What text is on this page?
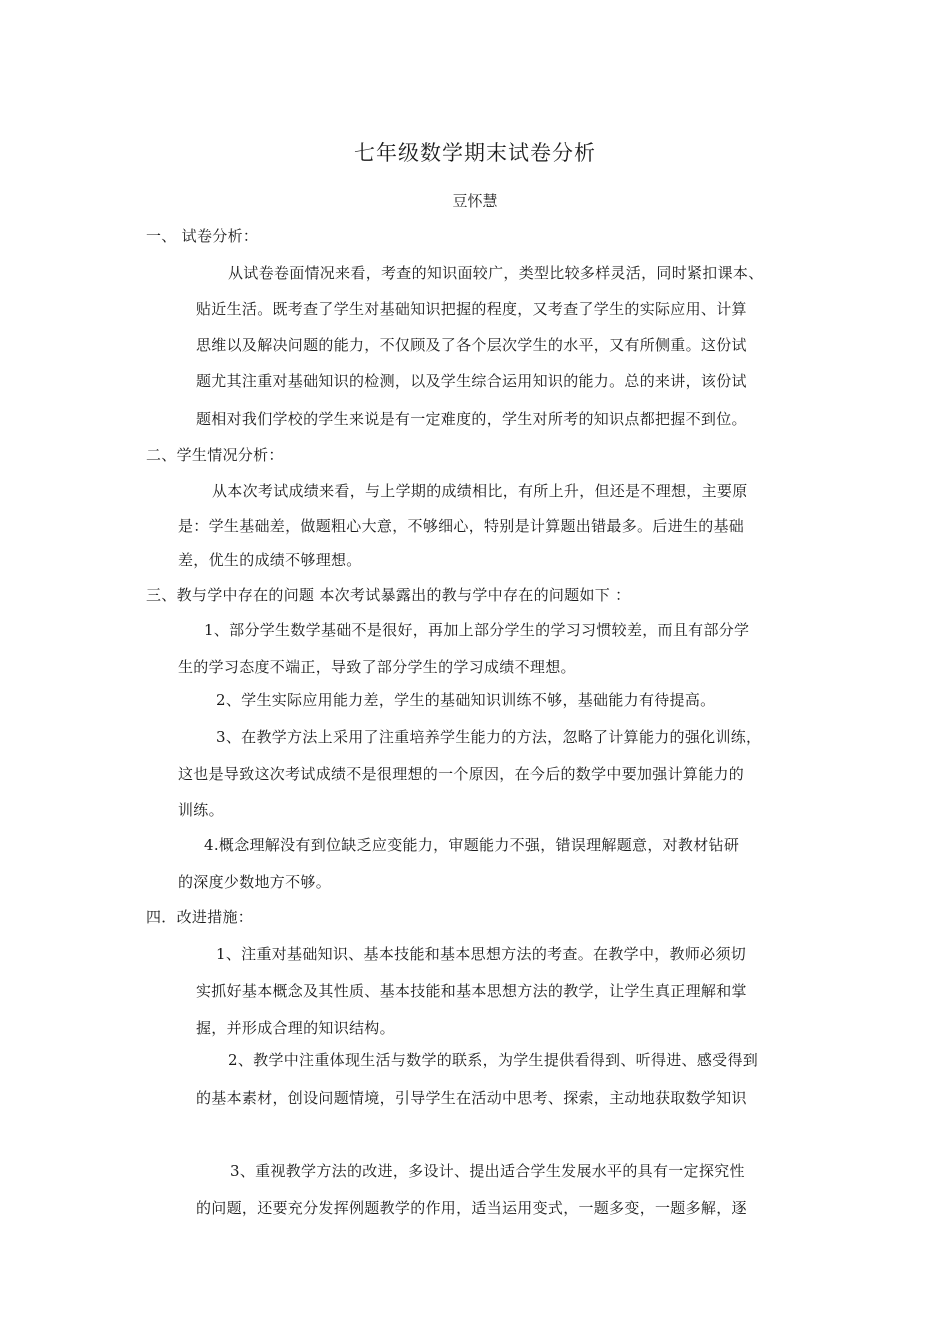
七年级数学期末试卷分析
豆怀慧
一、 试卷分析：
从试卷卷面情况来看，考查的知识面较广，类型比较多样灵活，同时紧扣课本、
贴近生活。既考查了学生对基础知识把握的程度，又考查了学生的实际应用、计算
思维以及解决问题的能力，不仅顾及了各个层次学生的水平，又有所侧重。这份试
题尤其注重对基础知识的检测，以及学生综合运用知识的能力。总的来讲，该份试
题相对我们学校的学生来说是有一定难度的，学生对所考的知识点都把握不到位。
二、学生情况分析：
从本次考试成绩来看，与上学期的成绩相比，有所上升，但还是不理想，主要原
是：学生基础差，做题粗心大意，不够细心，特别是计算题出错最多。后进生的基础
差，优生的成绩不够理想。
三、教与学中存在的问题 本次考试暴露出的教与学中存在的问题如下 ：
1、部分学生数学基础不是很好，再加上部分学生的学习习惯较差，而且有部分学
生的学习态度不端正，导致了部分学生的学习成绩不理想。
2、学生实际应用能力差，学生的基础知识训练不够，基础能力有待提高。
3、在教学方法上采用了注重培养学生能力的方法，忽略了计算能力的强化训练，
这也是导致这次考试成绩不是很理想的一个原因，在今后的数学中要加强计算能力的
训练。
4.概念理解没有到位缺乏应变能力，审题能力不强，错误理解题意，对教材钻研
的深度少数地方不够。
四．改进措施：
1、注重对基础知识、基本技能和基本思想方法的考查。在教学中，教师必须切
实抓好基本概念及其性质、基本技能和基本思想方法的教学，让学生真正理解和掌
握，并形成合理的知识结构。
2、教学中注重体现生活与数学的联系，为学生提供看得到、听得进、感受得到
的基本素材，创设问题情境，引导学生在活动中思考、探索，主动地获取数学知识
3、重视教学方法的改进，多设计、提出适合学生发展水平的具有一定探究性
的问题，还要充分发挥例题教学的作用，适当运用变式，一题多变，一题多解，逐
